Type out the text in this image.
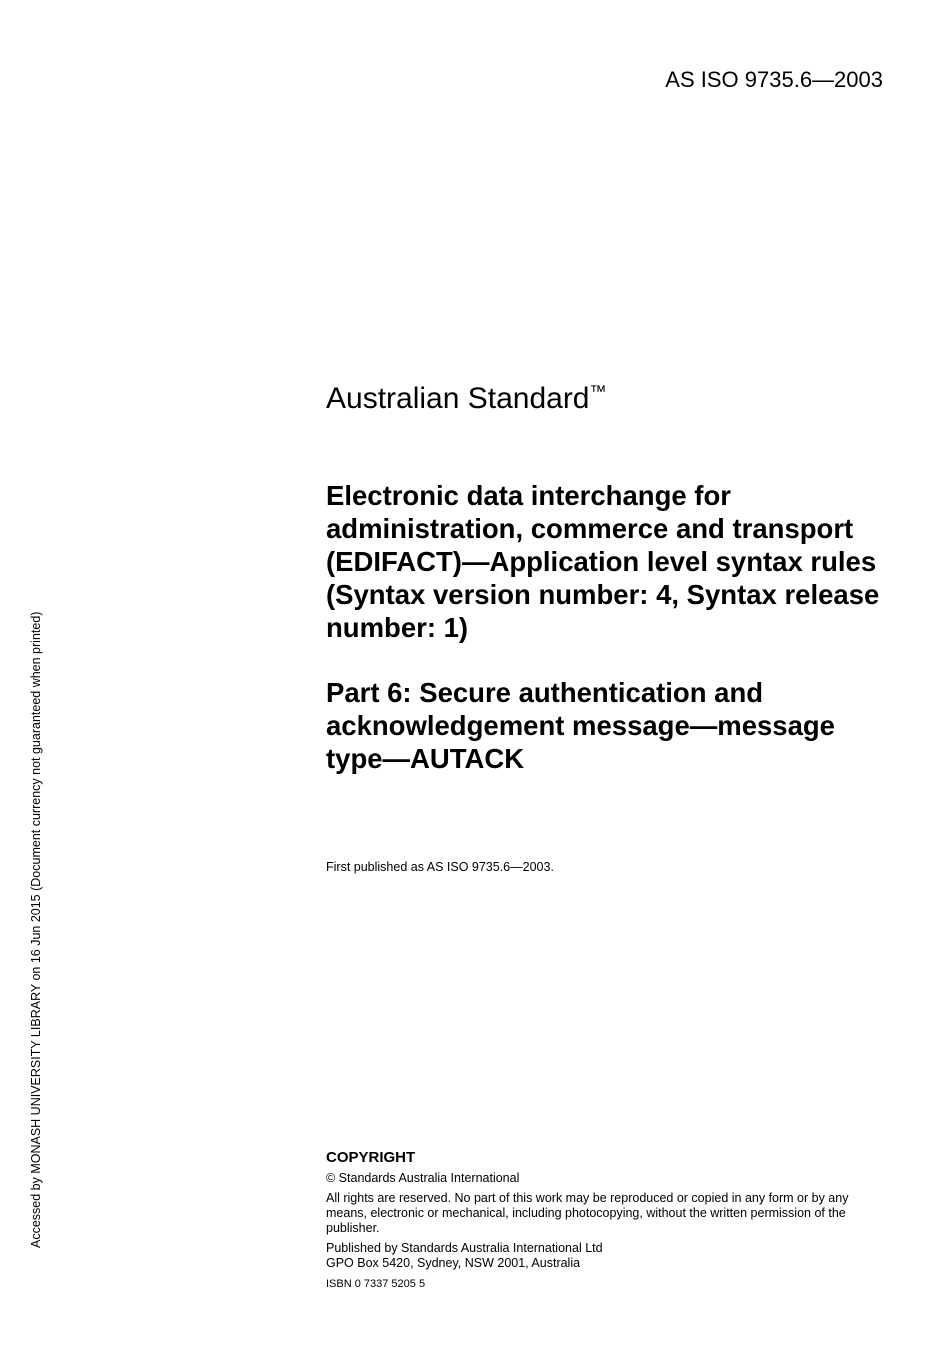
AS ISO 9735.6—2003
Accessed by MONASH UNIVERSITY LIBRARY on 16 Jun 2015 (Document currency not guaranteed when printed)
Australian Standard™
Electronic data interchange for administration, commerce and transport (EDIFACT)—Application level syntax rules (Syntax version number: 4, Syntax release number: 1)
Part 6: Secure authentication and acknowledgement message—message type—AUTACK
First published as AS ISO 9735.6—2003.
COPYRIGHT
© Standards Australia International
All rights are reserved. No part of this work may be reproduced or copied in any form or by any means, electronic or mechanical, including photocopying, without the written permission of the publisher.
Published by Standards Australia International Ltd
GPO Box 5420, Sydney, NSW 2001, Australia
ISBN 0 7337 5205 5
